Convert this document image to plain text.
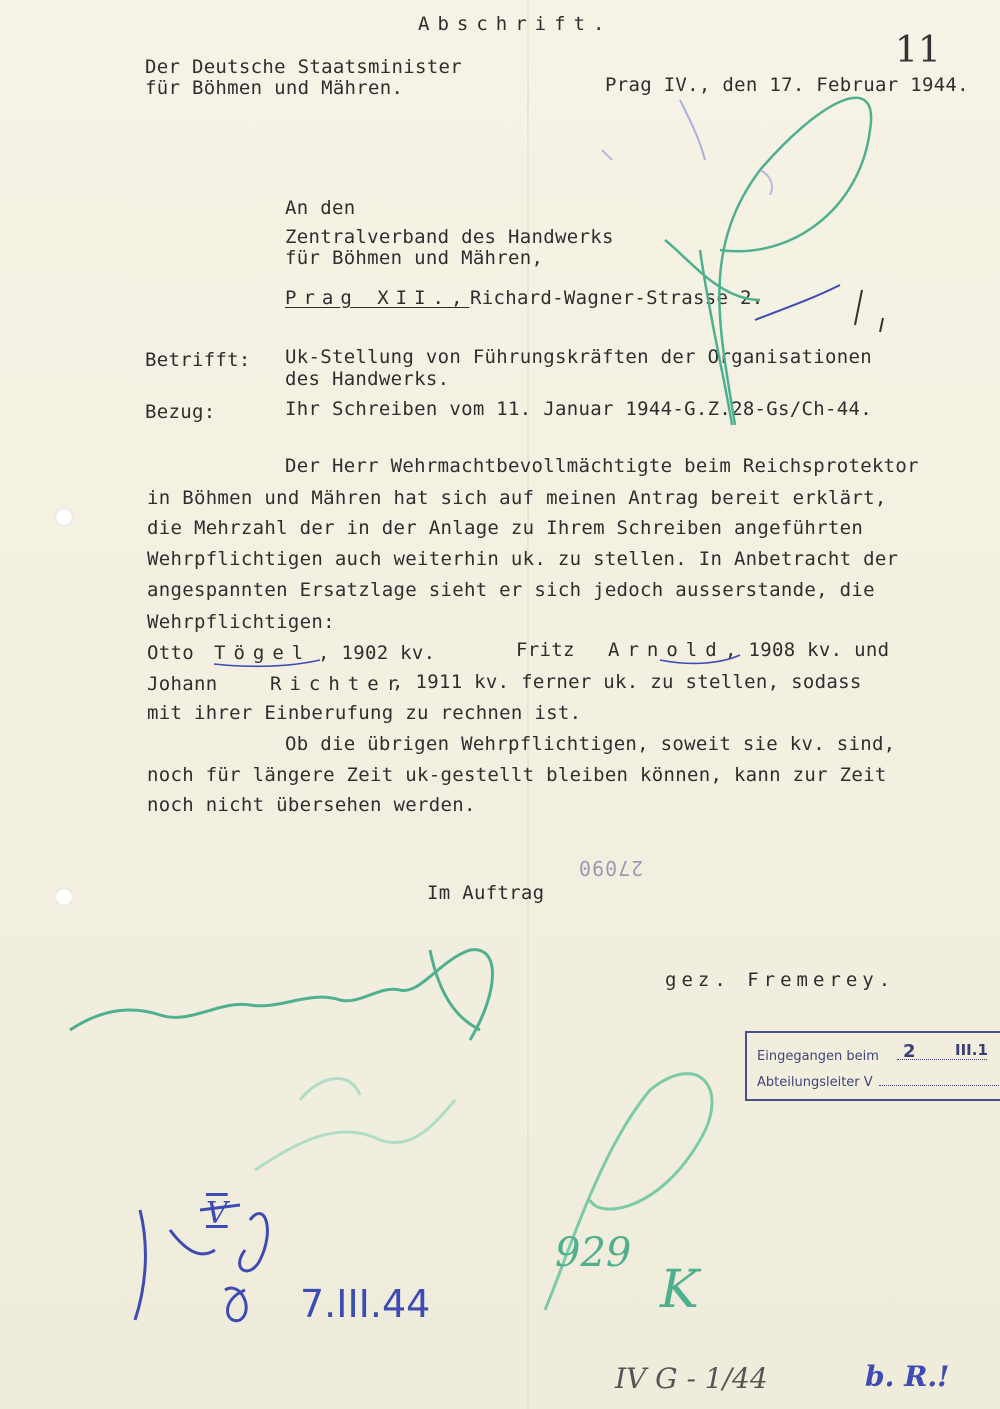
Abschrift.
11
Der Deutsche Staatsminister
für Böhmen und Mähren.	Prag IV., den 17. Februar 1944.
An den
Zentralverband des Handwerks
für Böhmen und Mähren,
Prag XII., Richard-Wagner-Strasse 2.
Betrifft: Uk-Stellung von Führungskräften der Organisationen
des Handwerks.
Bezug:	Ihr Schreiben vom 11. Januar 1944-G.Z.28-Gs/Ch-44.
Der Herr Wehrmachtbevollmächtigte beim Reichsprotektor
in Böhmen und Mähren hat sich auf meinen Antrag bereit erklärt,
die Mehrzahl der in der Anlage zu Ihrem Schreiben angeführten
Wehrpflichtigen auch weiterhin uk. zu stellen. In Anbetracht der
angespannten Ersatzlage sieht er sich jedoch ausserstande, die
Wehrpflichtigen:
Otto Tögel , 1902 kv.	Fritz Arnold , 1908 kv. und
Johann	Richter
, 1911 kv. ferner uk. zu stellen, sodass
mit ihrer Einberufung zu rechnen ist.
Ob die übrigen Wehrpflichtigen, soweit sie kv. sind,
noch für längere Zeit uk-gestellt bleiben können, kann zur Zeit
noch nicht übersehen werden.
27090
Im Auftrag
gez. Fremerey.
Eingegangen beim 2	III.1
Abteilungsleiter V
V
7.III.44
929
K
IV G - 1/44	b. R.!
